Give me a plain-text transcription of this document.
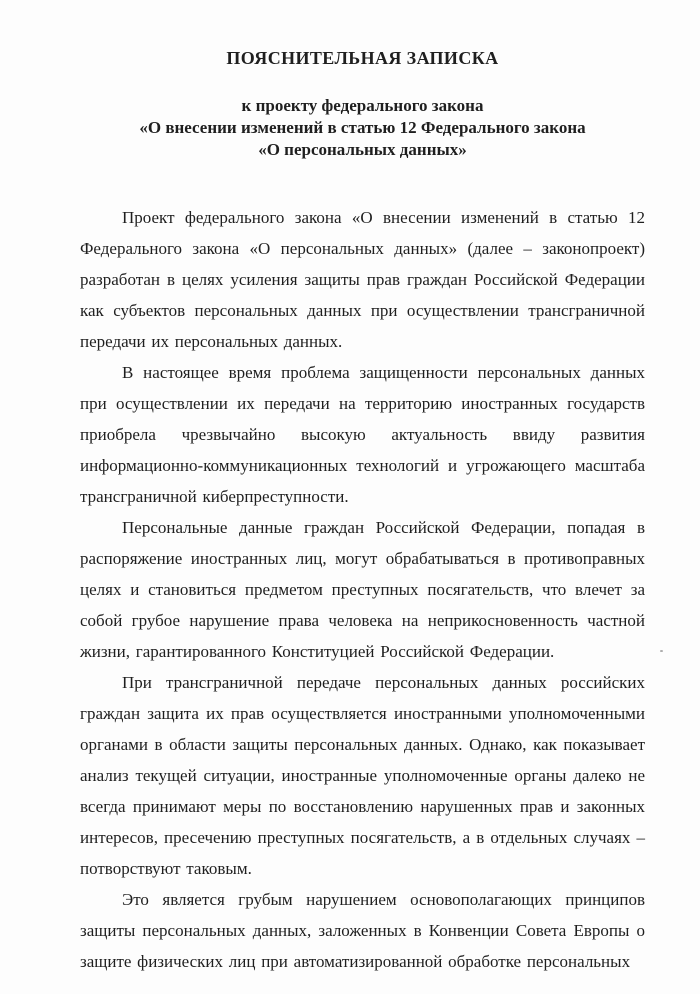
ПОЯСНИТЕЛЬНАЯ ЗАПИСКА
к проекту федерального закона
«О внесении изменений в статью 12 Федерального закона
«О персональных данных»

Проект федерального закона «О внесении изменений в статью 12 Федерального закона «О персональных данных» (далее – законопроект) разработан в целях усиления защиты прав граждан Российской Федерации как субъектов персональных данных при осуществлении трансграничной передачи их персональных данных.

В настоящее время проблема защищенности персональных данных при осуществлении их передачи на территорию иностранных государств приобрела чрезвычайно высокую актуальность ввиду развития информационно-коммуникационных технологий и угрожающего масштаба трансграничной киберпреступности.

Персональные данные граждан Российской Федерации, попадая в распоряжение иностранных лиц, могут обрабатываться в противоправных целях и становиться предметом преступных посягательств, что влечет за собой грубое нарушение права человека на неприкосновенность частной жизни, гарантированного Конституцией Российской Федерации.

При трансграничной передаче персональных данных российских граждан защита их прав осуществляется иностранными уполномоченными органами в области защиты персональных данных. Однако, как показывает анализ текущей ситуации, иностранные уполномоченные органы далеко не всегда принимают меры по восстановлению нарушенных прав и законных интересов, пресечению преступных посягательств, а в отдельных случаях – потворствуют таковым.

Это является грубым нарушением основополагающих принципов защиты персональных данных, заложенных в Конвенции Совета Европы о защите физических лиц при автоматизированной обработке персональных
